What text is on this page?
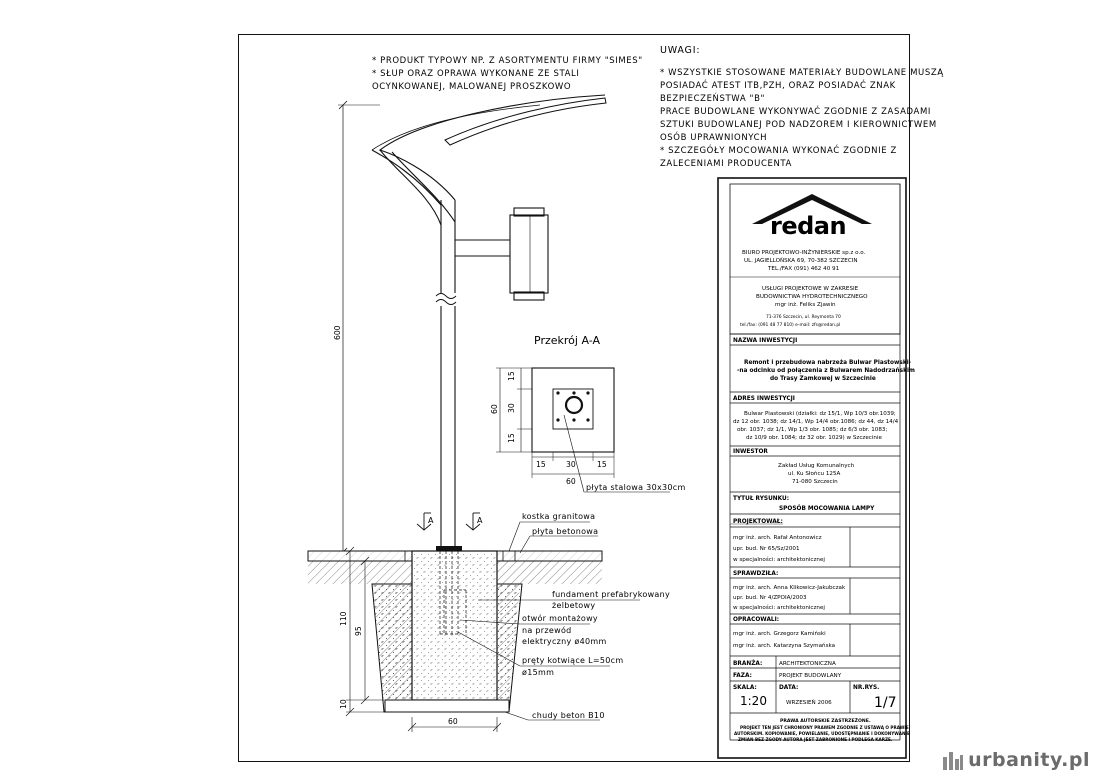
* PRODUKT TYPOWY NP. Z ASORTYMENTU FIRMY "SIMES"
* SŁUP ORAZ OPRAWA WYKONANE ZE STALI
OCYNKOWANEJ, MALOWANEJ PROSZKOWO
UWAGI:
* WSZYSTKIE STOSOWANE MATERIAŁY BUDOWLANE MUSZĄ
POSIADAĆ ATEST ITB,PZH, ORAZ POSIADAĆ ZNAK
BEZPIECZEŃSTWA "B"
PRACE BUDOWLANE WYKONYWAĆ ZGODNIE Z ZASADAMI
SZTUKI BUDOWLANEJ POD NADZOREM I KIEROWNICTWEM
OSÓB UPRAWNIONYCH
* SZCZEGÓŁY MOCOWANIA WYKONAĆ ZGODNIE Z
ZALECENIAMI PRODUCENTA
600
Przekrój A-A
15
30
15
60
15	30	15
60
płyta stalowa 30x30cm
A	A
110
95
10
60
kostka granitowa
płyta betonowa
fundament prefabrykowany
żelbetowy
otwór montażowy
na przewód
elektryczny ø40mm
pręty kotwiące L=50cm
ø15mm
chudy beton B10
redan
BIURO PROJEKTOWO-INŻYNIERSKIE sp.z o.o.
UL. JAGIELLOŃSKA 69, 70-382 SZCZECIN
TEL./FAX (091) 462 40 91
USŁUGI PROJEKTOWE W ZAKRESIE
BUDOWNICTWA HYDROTECHNICZNEGO
mgr inż. Feliks Zjawin
71-376 Szczecin, ul. Reymonta 70
tel./fax: (091 48 77 810) e-mail: zfs@redan.pl
NAZWA INWESTYCJI
Remont i przebudowa nabrzeża Bulwar Piastowski-
-na odcinku od połączenia z Bulwarem Nadodrzańskim
do Trasy Zamkowej w Szczecinie
ADRES INWESTYCJI
Bulwar Piastowski (działki: dz 15/1, Wp 10/3 obr.1039;
dz 12 obr. 1038; dz 14/1, Wp 14/4 obr.1086; dz 44, dz 14/4
obr. 1037; dz 1/1, Wp 1/3 obr. 1085; dz 6/3 obr. 1083;
dz 10/9 obr. 1084; dz 32 obr. 1029) w Szczecinie
INWESTOR
Zakład Usług Komunalnych
ul. Ku Słońcu 125A
71-080 Szczecin
TYTUŁ RYSUNKU:
SPOSÓB MOCOWANIA LAMPY
PROJEKTOWAŁ:
mgr inż. arch. Rafał Antonowicz
upr. bud. Nr 65/Sz/2001
w specjalności: architektonicznej
SPRAWDZIŁA:
mgr inż. arch. Anna Klikowicz-Jakubczak
upr. bud. Nr 4/ZPOIA/2003
w specjalności: architektonicznej
OPRACOWALI:
mgr inż. arch. Grzegorz Kamiński
mgr inż. arch. Katarzyna Szymańska
BRANŻA:	ARCHITEKTONICZNA
FAZA:	PROJEKT BUDOWLANY
SKALA:
1:20
DATA:
WRZESIEŃ 2006
NR.RYS.
1/7
PRAWA AUTORSKIE ZASTRZEŻONE.
PROJEKT TEN JEST CHRONIONY PRAWEM ZGODNIE Z USTAWĄ O PRAWIE
AUTORSKIM. KOPIOWANIE, POWIELANIE, UDOSTĘPNIANIE I DOKONYWANIE
ZMIAN BEZ ZGODY AUTORA JEST ZABRONIONE I PODLEGA KARZE.
urbanity.pl
